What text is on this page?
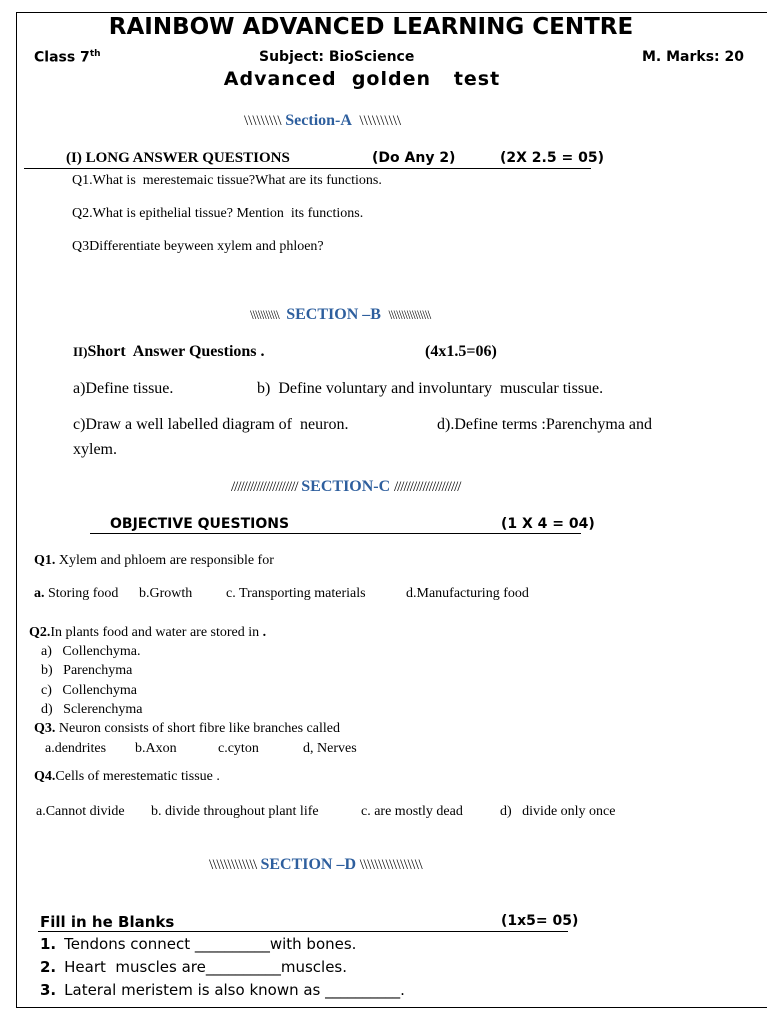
RAINBOW ADVANCED LEARNING CENTRE
Class 7th	Subject: BioScience	M. Marks: 20
Advanced  golden   test
\\\\\\\\\ Section-A \\\\\\\\\\
(I) LONG ANSWER QUESTIONS	(Do Any 2)	(2X 2.5 = 05)
Q1.What is  merestemaic tissue?What are its functions.
Q2.What is epithelial tissue? Mention  its functions.
Q3Differentiate beyween xylem and phloen?
\\\\\\\\\\\ SECTION –B \\\\\\\\\\\\\\\\
II)Short  Answer Questions .	(4x1.5=06)
a)Define tissue.	b)  Define voluntary and involuntary  muscular tissue.
c)Draw a well labelled diagram of  neuron.	d).Define terms :Parenchyma and
xylem.
///////////////////// SECTION-C /////////////////////
OBJECTIVE QUESTIONS	(1 X 4 = 04)
Q1. Xylem and phloem are responsible for
a. Storing food b.Growth c. Transporting materials	d.Manufacturing food
Q2.In plants food and water are stored in .
a)   Collenchyma.
b)   Parenchyma
c)   Collenchyma
d)   Sclerenchyma
Q3. Neuron consists of short fibre like branches called
a.dendrites b.Axon	c.cyton	d, Nerves
Q4.Cells of merestematic tissue .
a.Cannot divide b. divide throughout plant life	c. are mostly dead	d)   divide only once
\\\\\\\\\\\\\ SECTION –D \\\\\\\\\\\\\\\\\
Fill in he Blanks	(1x5= 05)
1. Tendons connect __________with bones.
2. Heart  muscles are__________muscles.
3. Lateral meristem is also known as __________.
